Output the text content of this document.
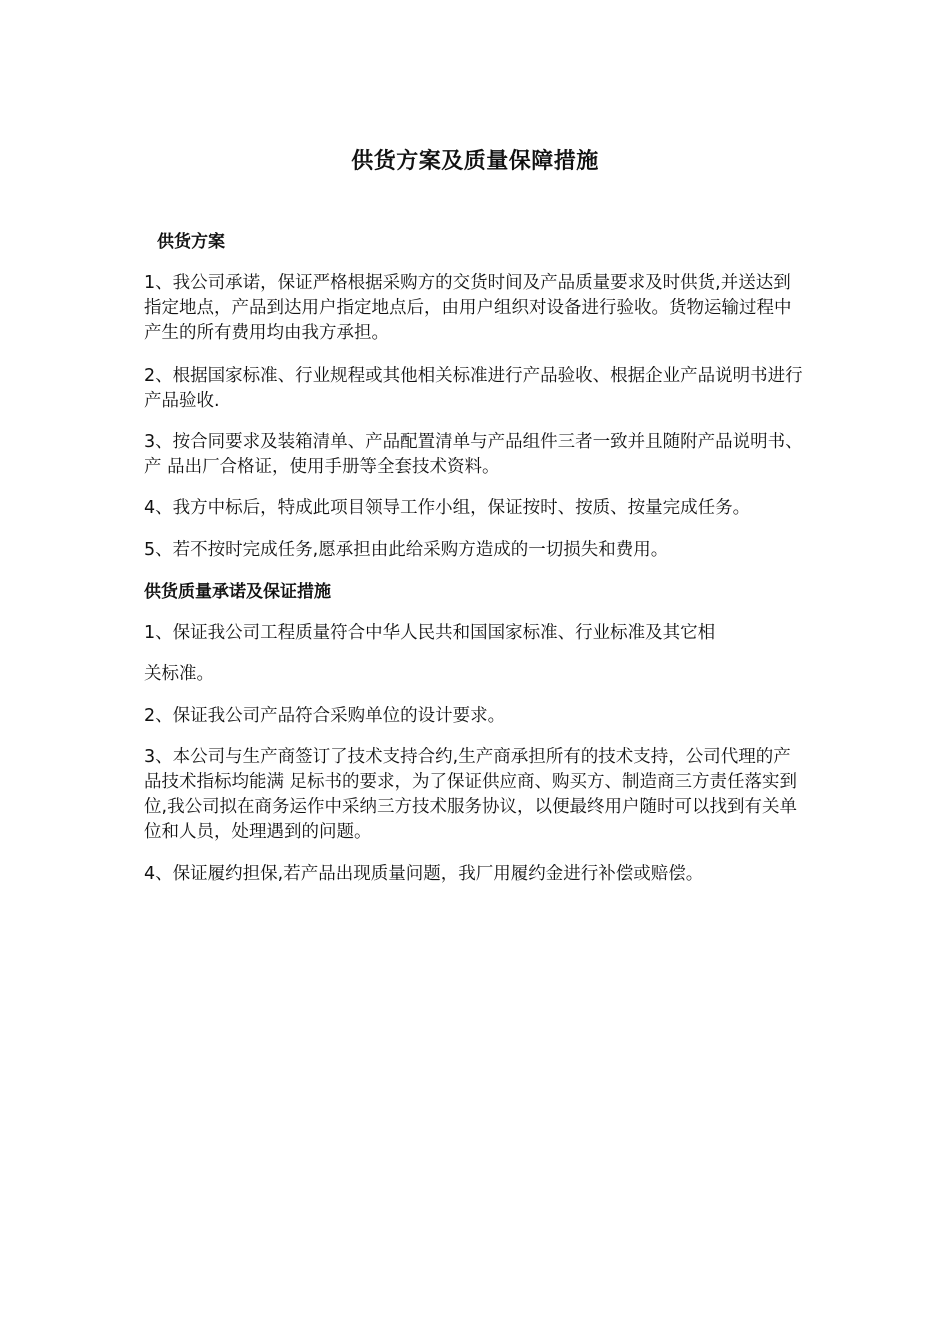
供货方案及质量保障措施
供货方案
1、我公司承诺，保证严格根据采购方的交货时间及产品质量要求及时供货,并送达到指定地点，产品到达用户指定地点后，由用户组织对设备进行验收。货物运输过程中产生的所有费用均由我方承担。
2、根据国家标准、行业规程或其他相关标准进行产品验收、根据企业产品说明书进行产品验收.
3、按合同要求及装箱清单、产品配置清单与产品组件三者一致并且随附产品说明书、产 品出厂合格证，使用手册等全套技术资料。
4、我方中标后，特成此项目领导工作小组，保证按时、按质、按量完成任务。
5、若不按时完成任务,愿承担由此给采购方造成的一切损失和费用。
供货质量承诺及保证措施
1、保证我公司工程质量符合中华人民共和国国家标准、行业标准及其它相
关标准。
2、保证我公司产品符合采购单位的设计要求。
3、本公司与生产商签订了技术支持合约,生产商承担所有的技术支持，公司代理的产品技术指标均能满 足标书的要求，为了保证供应商、购买方、制造商三方责任落实到位,我公司拟在商务运作中采纳三方技术服务协议，以便最终用户随时可以找到有关单位和人员，处理遇到的问题。
4、保证履约担保,若产品出现质量问题，我厂用履约金进行补偿或赔偿。
